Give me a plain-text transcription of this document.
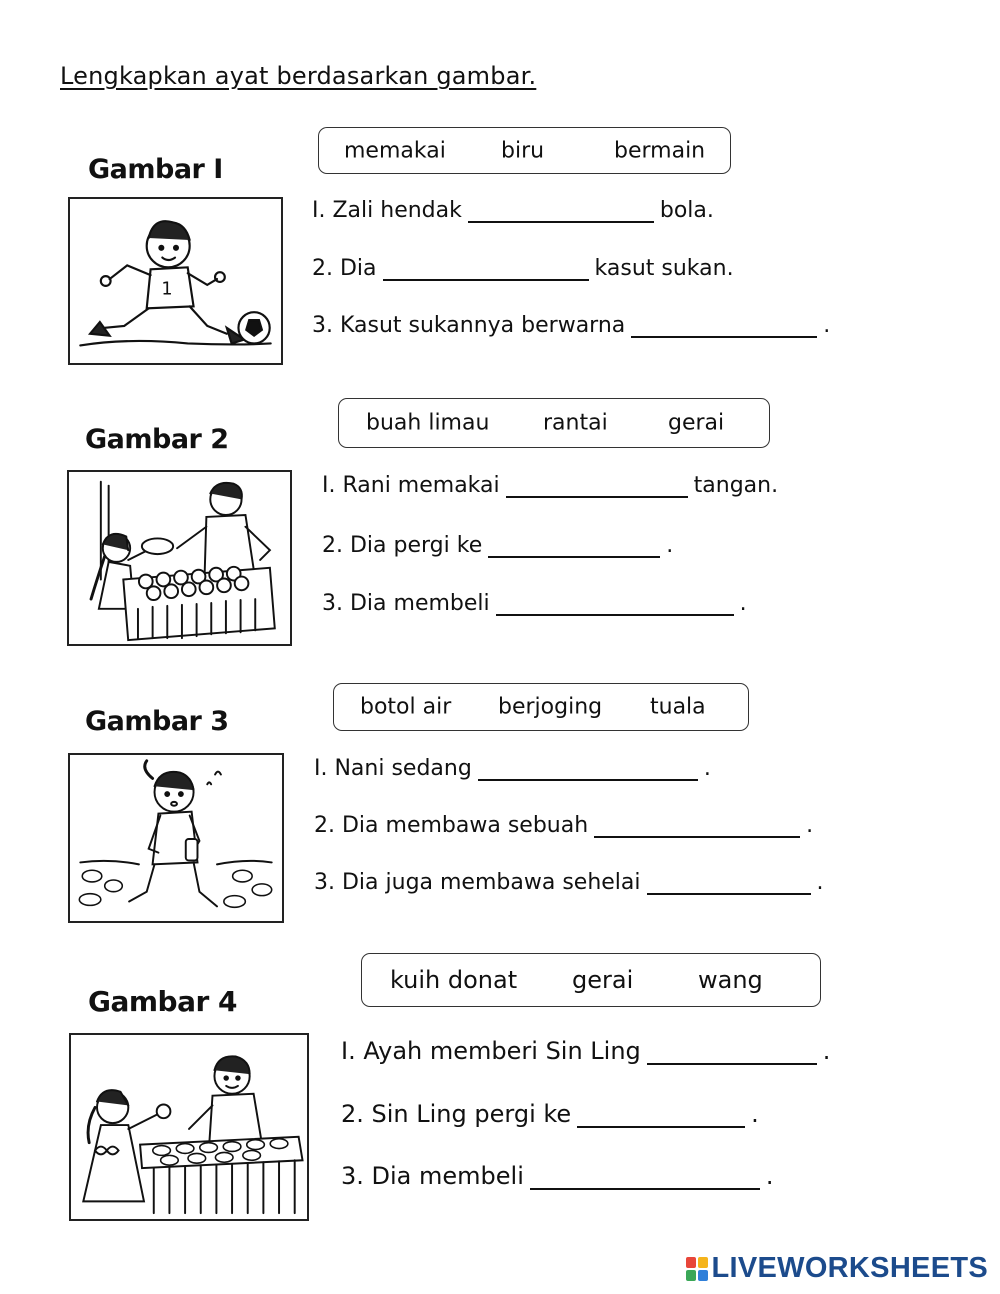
Lengkapkan ayat berdasarkan gambar.
Gambar I
memakai	biru	bermain
1
I. Zali hendak	bola.
2. Dia	kasut sukan.
3. Kasut sukannya berwarna	.
Gambar 2
buah limau rantai	gerai
I. Rani memakai	tangan.
2. Dia pergi ke	.
3. Dia membeli	.
Gambar 3	botol air berjoging tuala
I. Nani sedang	.
2. Dia membawa sebuah	.
3. Dia juga membawa sehelai	.
Gambar 4
kuih donat gerai	wang
I. Ayah memberi Sin Ling	.
2. Sin Ling pergi ke	.
3. Dia membeli	.
LIVEWORKSHEETS
